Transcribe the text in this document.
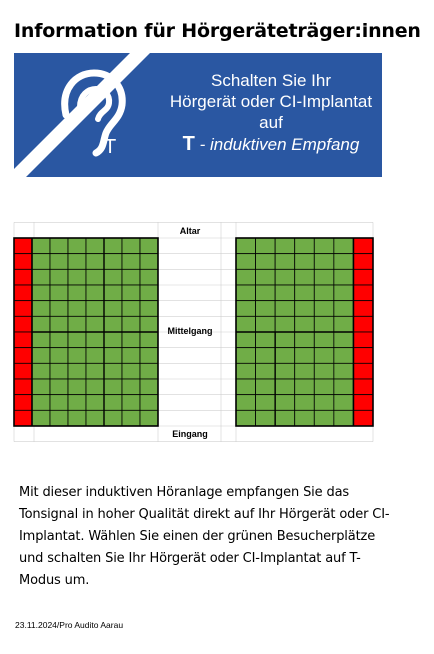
Information für Hörgeräteträger:innen
T
Schalten Sie Ihr
Hörgerät oder CI-Implantat
auf
T - induktiven Empfang
Altar
Mittelgang
Eingang
Mit dieser induktiven Höranlage empfangen Sie das Tonsignal in hoher Qualität direkt auf Ihr Hörgerät oder CI-Implantat. Wählen Sie einen der grünen Besucherplätze und schalten Sie Ihr Hörgerät oder CI-Implantat auf T-Modus um.
23.11.2024/Pro Audito Aarau
